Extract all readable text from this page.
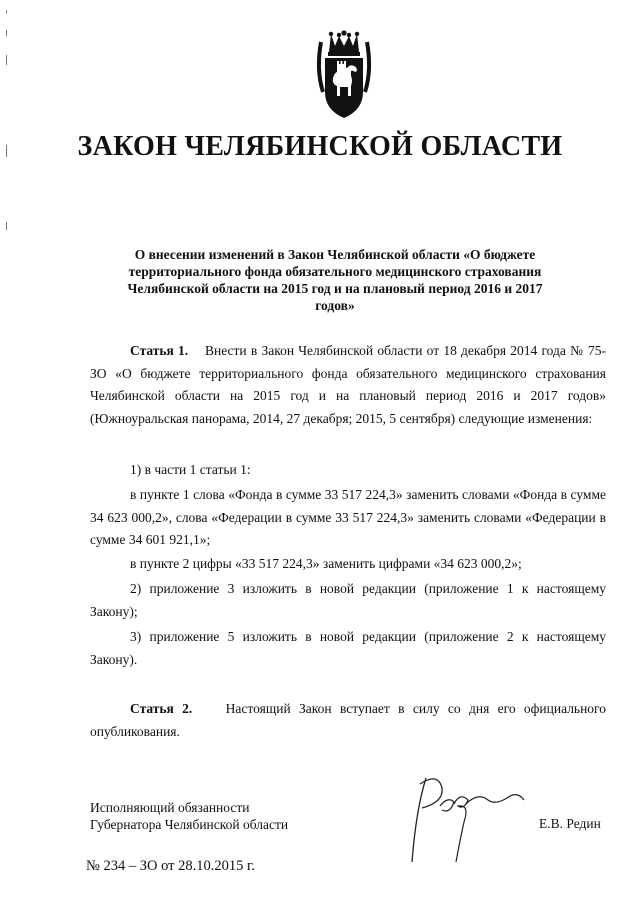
ЗАКОН ЧЕЛЯБИНСКОЙ ОБЛАСТИ

О внесении изменений в Закон Челябинской области «О бюджете территориального фонда обязательного медицинского страхования Челябинской области на 2015 год и на плановый период 2016 и 2017 годов»

Статья 1. Внести в Закон Челябинской области от 18 декабря 2014 года № 75-ЗО «О бюджете территориального фонда обязательного медицинского страхования Челябинской области на 2015 год и на плановый период 2016 и 2017 годов» (Южноуральская панорама, 2014, 27 декабря; 2015, 5 сентября) следующие изменения:

1) в части 1 статьи 1:

в пункте 1 слова «Фонда в сумме 33 517 224,3» заменить словами «Фонда в сумме 34 623 000,2», слова «Федерации в сумме 33 517 224,3» заменить словами «Федерации в сумме 34 601 921,1»;

в пункте 2 цифры «33 517 224,3» заменить цифрами «34 623 000,2»;

2) приложение 3 изложить в новой редакции (приложение 1 к настоящему Закону);

3) приложение 5 изложить в новой редакции (приложение 2 к настоящему Закону).

Статья 2. Настоящий Закон вступает в силу со дня его официального опубликования.

Исполняющий обязанности
Губернатора Челябинской области	Е.В. Редин
№ 234 – ЗО от 28.10.2015 г.
